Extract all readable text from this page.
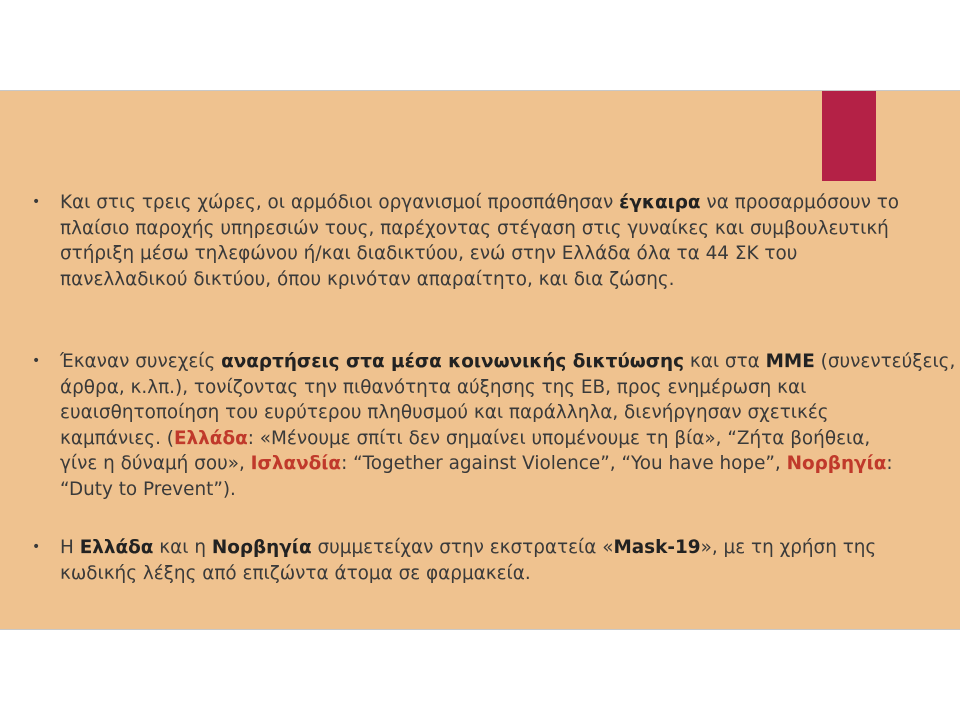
• Και στις τρεις χώρες, οι αρμόδιοι οργανισμοί προσπάθησαν έγκαιρα να προσαρμόσουν το

πλαίσιο παροχής υπηρεσιών τους, παρέχοντας στέγαση στις γυναίκες και συμβουλευτική

στήριξη μέσω τηλεφώνου ή/και διαδικτύου, ενώ στην Ελλάδα όλα τα 44 ΣΚ του

πανελλαδικού δικτύου, όπου κρινόταν απαραίτητο, και δια ζώσης.

• Έκαναν συνεχείς αναρτήσεις στα μέσα κοινωνικής δικτύωσης και στα ΜΜΕ (συνεντεύξεις,

άρθρα, κ.λπ.), τονίζοντας την πιθανότητα αύξησης της ΕΒ, προς ενημέρωση και

ευαισθητοποίηση του ευρύτερου πληθυσμού και παράλληλα, διενήργησαν σχετικές

καμπάνιες. (Ελλάδα: «Μένουμε σπίτι δεν σημαίνει υπομένουμε τη βία», “Ζήτα βοήθεια,

γίνε η δύναμή σου», Ισλανδία: “Together against Violence”, “You have hope”, Νορβηγία:

“Duty to Prevent”).

• Η Ελλάδα και η Νορβηγία συμμετείχαν στην εκστρατεία «Mask-19», με τη χρήση της

κωδικής λέξης από επιζώντα άτομα σε φαρμακεία.
